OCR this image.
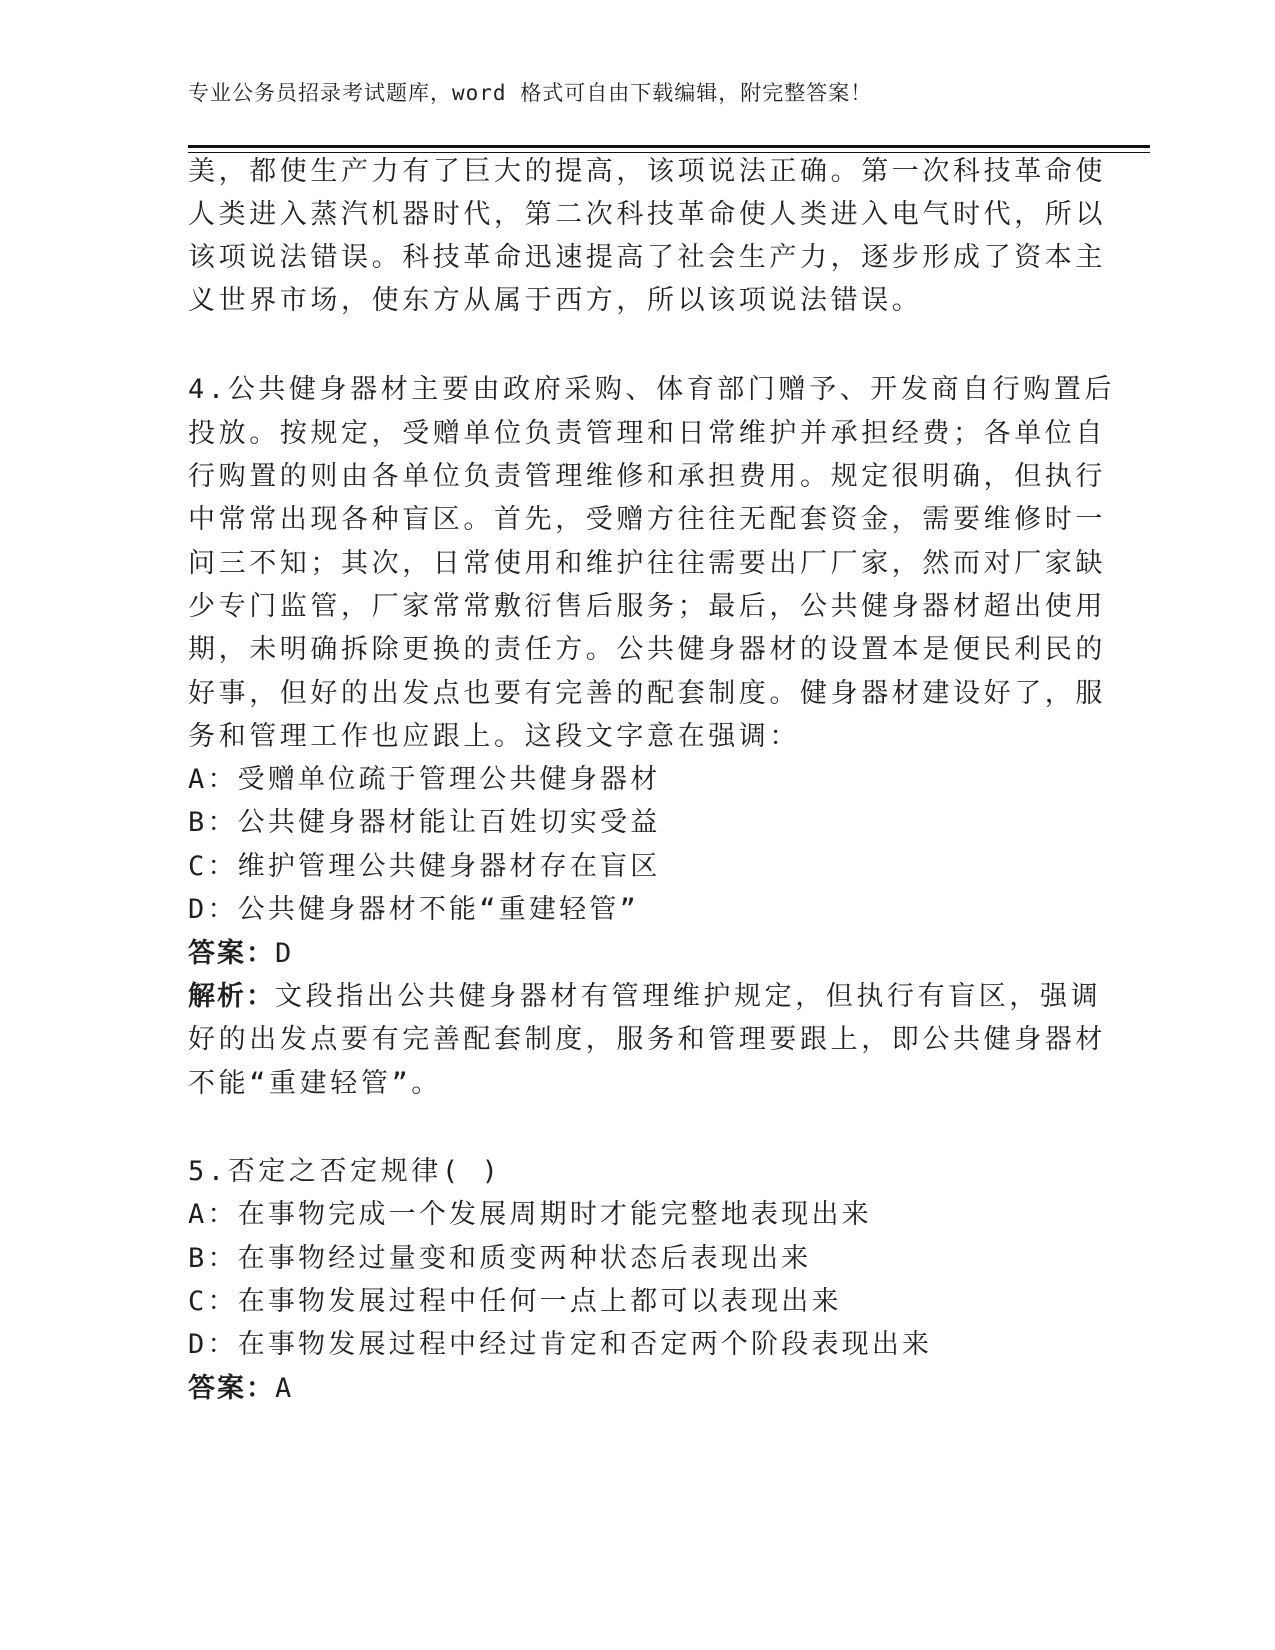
专业公务员招录考试题库，word 格式可自由下载编辑，附完整答案！
美，都使生产力有了巨大的提高，该项说法正确。第一次科技革命使
人类进入蒸汽机器时代，第二次科技革命使人类进入电气时代，所以
该项说法错误。科技革命迅速提高了社会生产力，逐步形成了资本主
义世界市场，使东方从属于西方，所以该项说法错误。
4.公共健身器材主要由政府采购、体育部门赠予、开发商自行购置后
投放。按规定，受赠单位负责管理和日常维护并承担经费；各单位自
行购置的则由各单位负责管理维修和承担费用。规定很明确，但执行
中常常出现各种盲区。首先，受赠方往往无配套资金，需要维修时一
问三不知；其次，日常使用和维护往往需要出厂厂家，然而对厂家缺
少专门监管，厂家常常敷衍售后服务；最后，公共健身器材超出使用
期，未明确拆除更换的责任方。公共健身器材的设置本是便民利民的
好事，但好的出发点也要有完善的配套制度。健身器材建设好了，服
务和管理工作也应跟上。这段文字意在强调：
A：受赠单位疏于管理公共健身器材
B：公共健身器材能让百姓切实受益
C：维护管理公共健身器材存在盲区
D：公共健身器材不能“重建轻管”
答案：D
解析：文段指出公共健身器材有管理维护规定，但执行有盲区，强调
好的出发点要有完善配套制度，服务和管理要跟上，即公共健身器材
不能“重建轻管”。
5.否定之否定规律( )
A：在事物完成一个发展周期时才能完整地表现出来
B：在事物经过量变和质变两种状态后表现出来
C：在事物发展过程中任何一点上都可以表现出来
D：在事物发展过程中经过肯定和否定两个阶段表现出来
答案：A
